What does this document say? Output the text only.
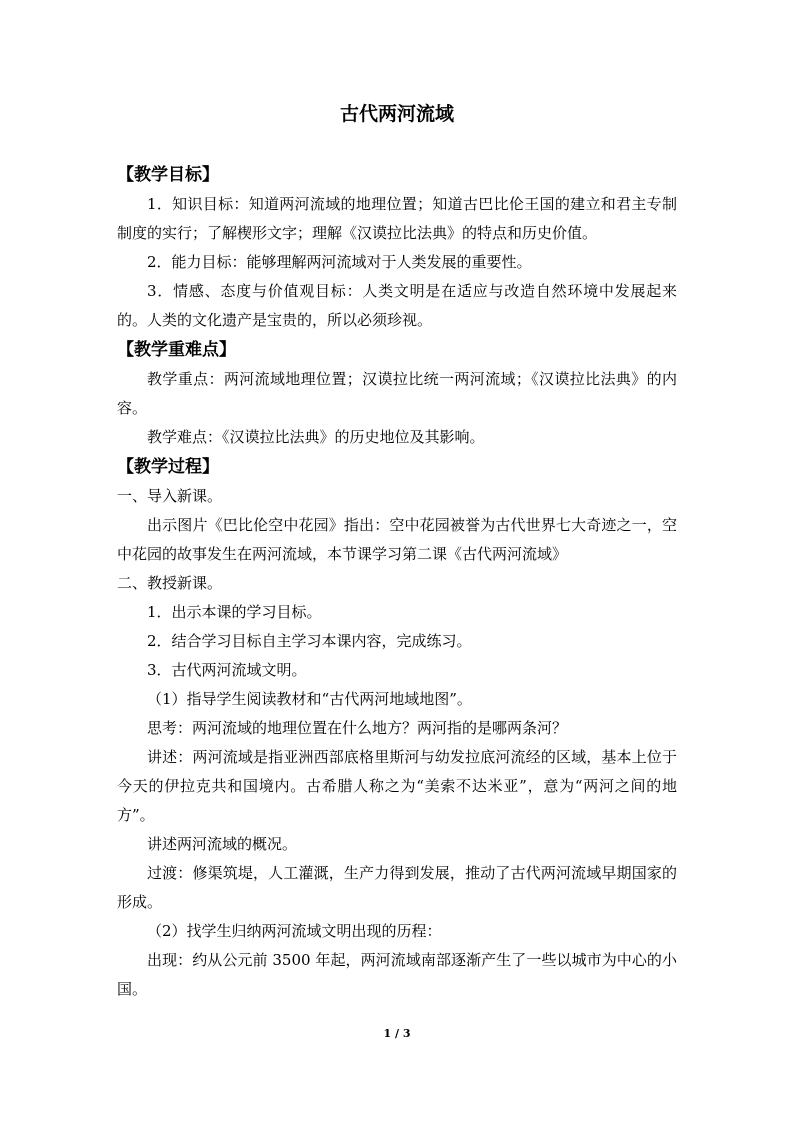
古代两河流域
【教学目标】
1．知识目标：知道两河流域的地理位置；知道古巴比伦王国的建立和君主专制制度的实行；了解楔形文字；理解《汉谟拉比法典》的特点和历史价值。
2．能力目标：能够理解两河流域对于人类发展的重要性。
3．情感、态度与价值观目标：人类文明是在适应与改造自然环境中发展起来的。人类的文化遗产是宝贵的，所以必须珍视。
【教学重难点】
教学重点：两河流域地理位置；汉谟拉比统一两河流域；《汉谟拉比法典》的内容。
教学难点：《汉谟拉比法典》的历史地位及其影响。
【教学过程】
一、导入新课。
出示图片《巴比伦空中花园》指出：空中花园被誉为古代世界七大奇迹之一，空中花园的故事发生在两河流域，本节课学习第二课《古代两河流域》
二、教授新课。
1．出示本课的学习目标。
2．结合学习目标自主学习本课内容，完成练习。
3．古代两河流域文明。
（1）指导学生阅读教材和“古代两河地域地图”。
思考：两河流域的地理位置在什么地方？两河指的是哪两条河？
讲述：两河流域是指亚洲西部底格里斯河与幼发拉底河流经的区域，基本上位于今天的伊拉克共和国境内。古希腊人称之为“美索不达米亚”，意为“两河之间的地方”。
讲述两河流域的概况。
过渡：修渠筑堤，人工灌溉，生产力得到发展，推动了古代两河流域早期国家的形成。
（2）找学生归纳两河流域文明出现的历程：
出现：约从公元前 3500 年起，两河流域南部逐渐产生了一些以城市为中心的小国。
1 / 3
